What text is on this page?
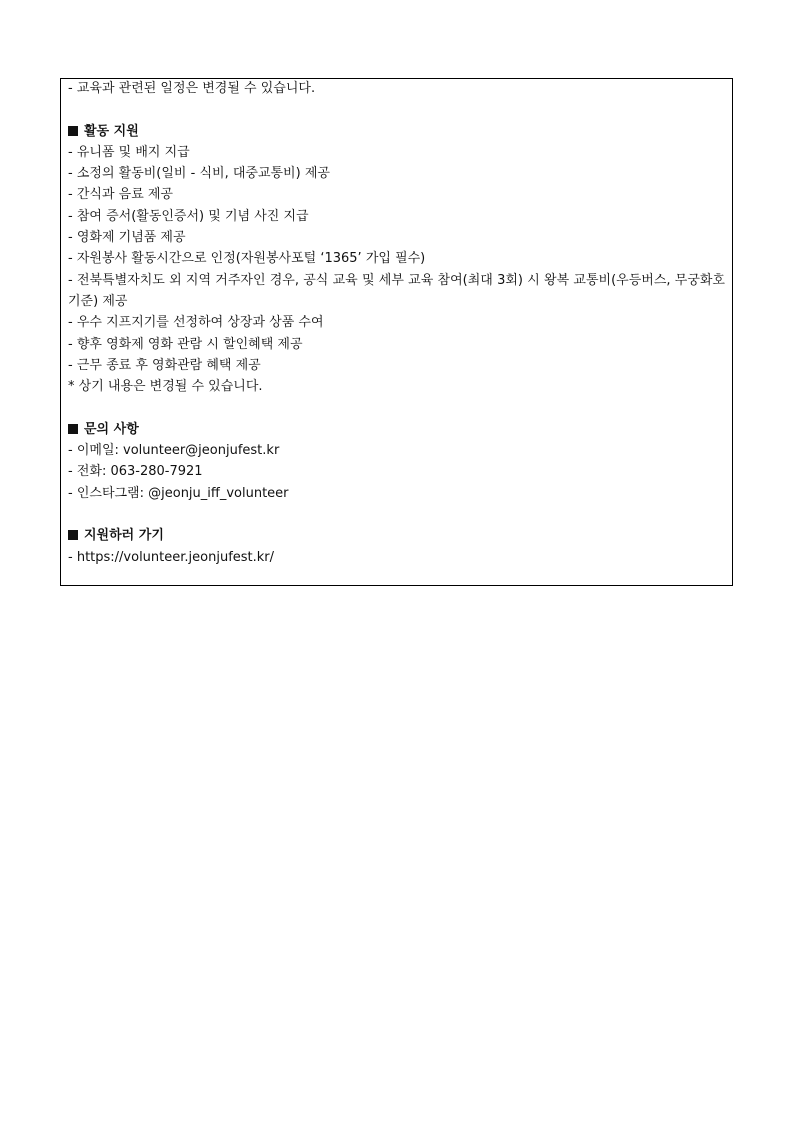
- 교육과 관련된 일정은 변경될 수 있습니다.
활동 지원
- 유니폼 및 배지 지급
- 소정의 활동비(일비 - 식비, 대중교통비) 제공
- 간식과 음료 제공
- 참여 증서(활동인증서) 및 기념 사진 지급
- 영화제 기념품 제공
- 자원봉사 활동시간으로 인정(자원봉사포털 ‘1365’ 가입 필수)
- 전북특별자치도 외 지역 거주자인 경우, 공식 교육 및 세부 교육 참여(최대 3회) 시 왕복 교통비(우등버스, 무궁화호 기준) 제공
- 우수 지프지기를 선정하여 상장과 상품 수여
- 향후 영화제 영화 관람 시 할인혜택 제공
- 근무 종료 후 영화관람 혜택 제공
* 상기 내용은 변경될 수 있습니다.
문의 사항
- 이메일: volunteer@jeonjufest.kr
- 전화: 063-280-7921
- 인스타그램: @jeonju_iff_volunteer
지원하러 가기
- https://volunteer.jeonjufest.kr/
